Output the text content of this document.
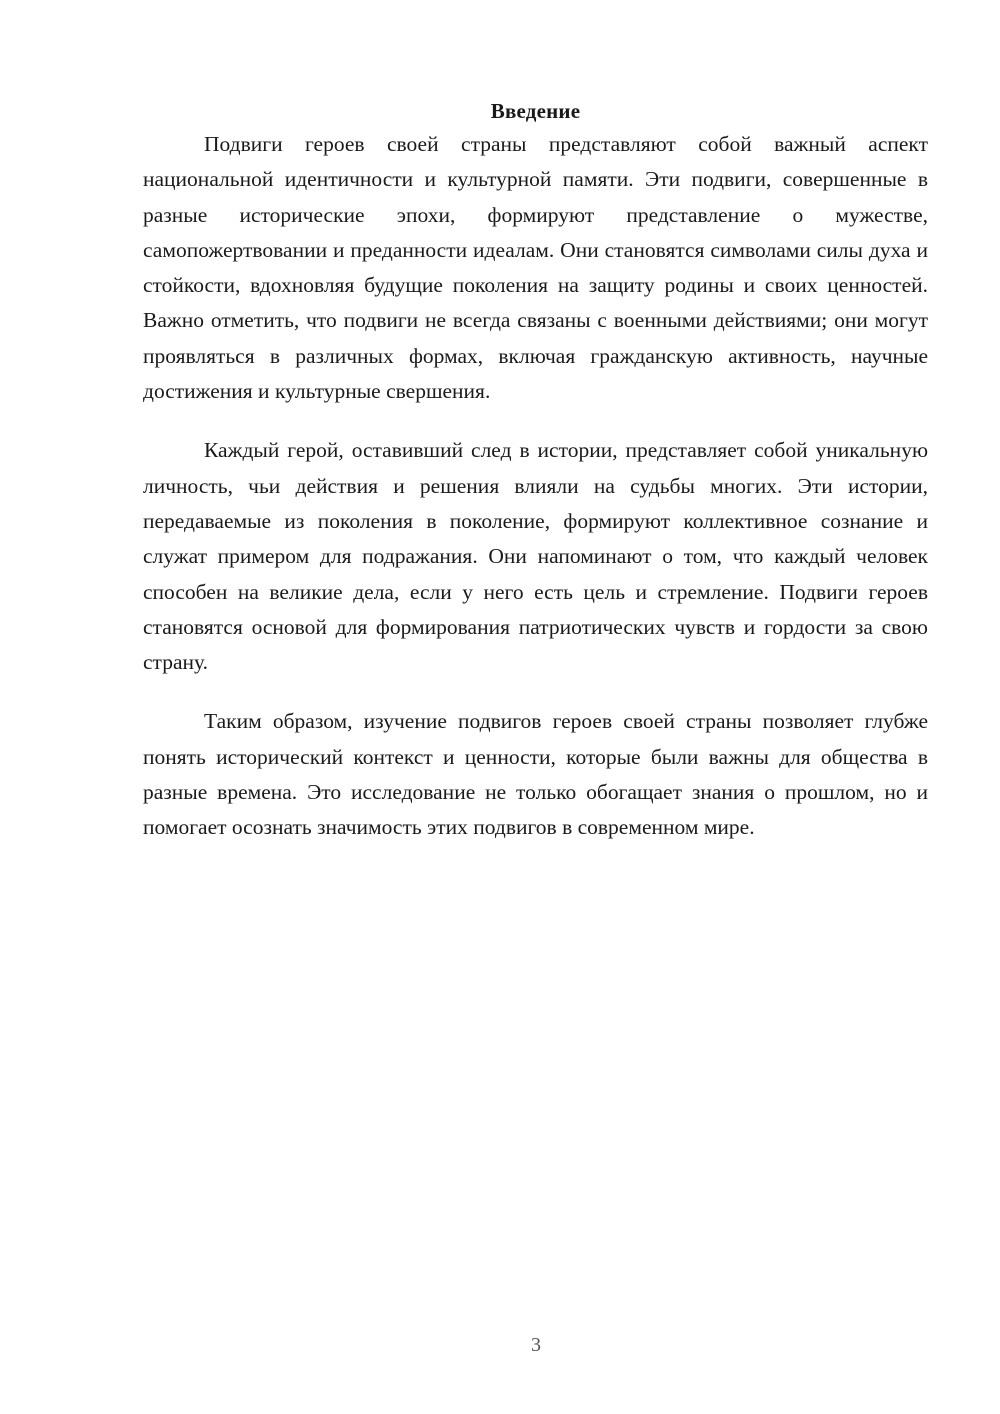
Введение

Подвиги героев своей страны представляют собой важный аспект национальной идентичности и культурной памяти. Эти подвиги, совершенные в разные исторические эпохи, формируют представление о мужестве, самопожертвовании и преданности идеалам. Они становятся символами силы духа и стойкости, вдохновляя будущие поколения на защиту родины и своих ценностей. Важно отметить, что подвиги не всегда связаны с военными действиями; они могут проявляться в различных формах, включая гражданскую активность, научные достижения и культурные свершения.

Каждый герой, оставивший след в истории, представляет собой уникальную личность, чьи действия и решения влияли на судьбы многих. Эти истории, передаваемые из поколения в поколение, формируют коллективное сознание и служат примером для подражания. Они напоминают о том, что каждый человек способен на великие дела, если у него есть цель и стремление. Подвиги героев становятся основой для формирования патриотических чувств и гордости за свою страну.

Таким образом, изучение подвигов героев своей страны позволяет глубже понять исторический контекст и ценности, которые были важны для общества в разные времена. Это исследование не только обогащает знания о прошлом, но и помогает осознать значимость этих подвигов в современном мире.

3
